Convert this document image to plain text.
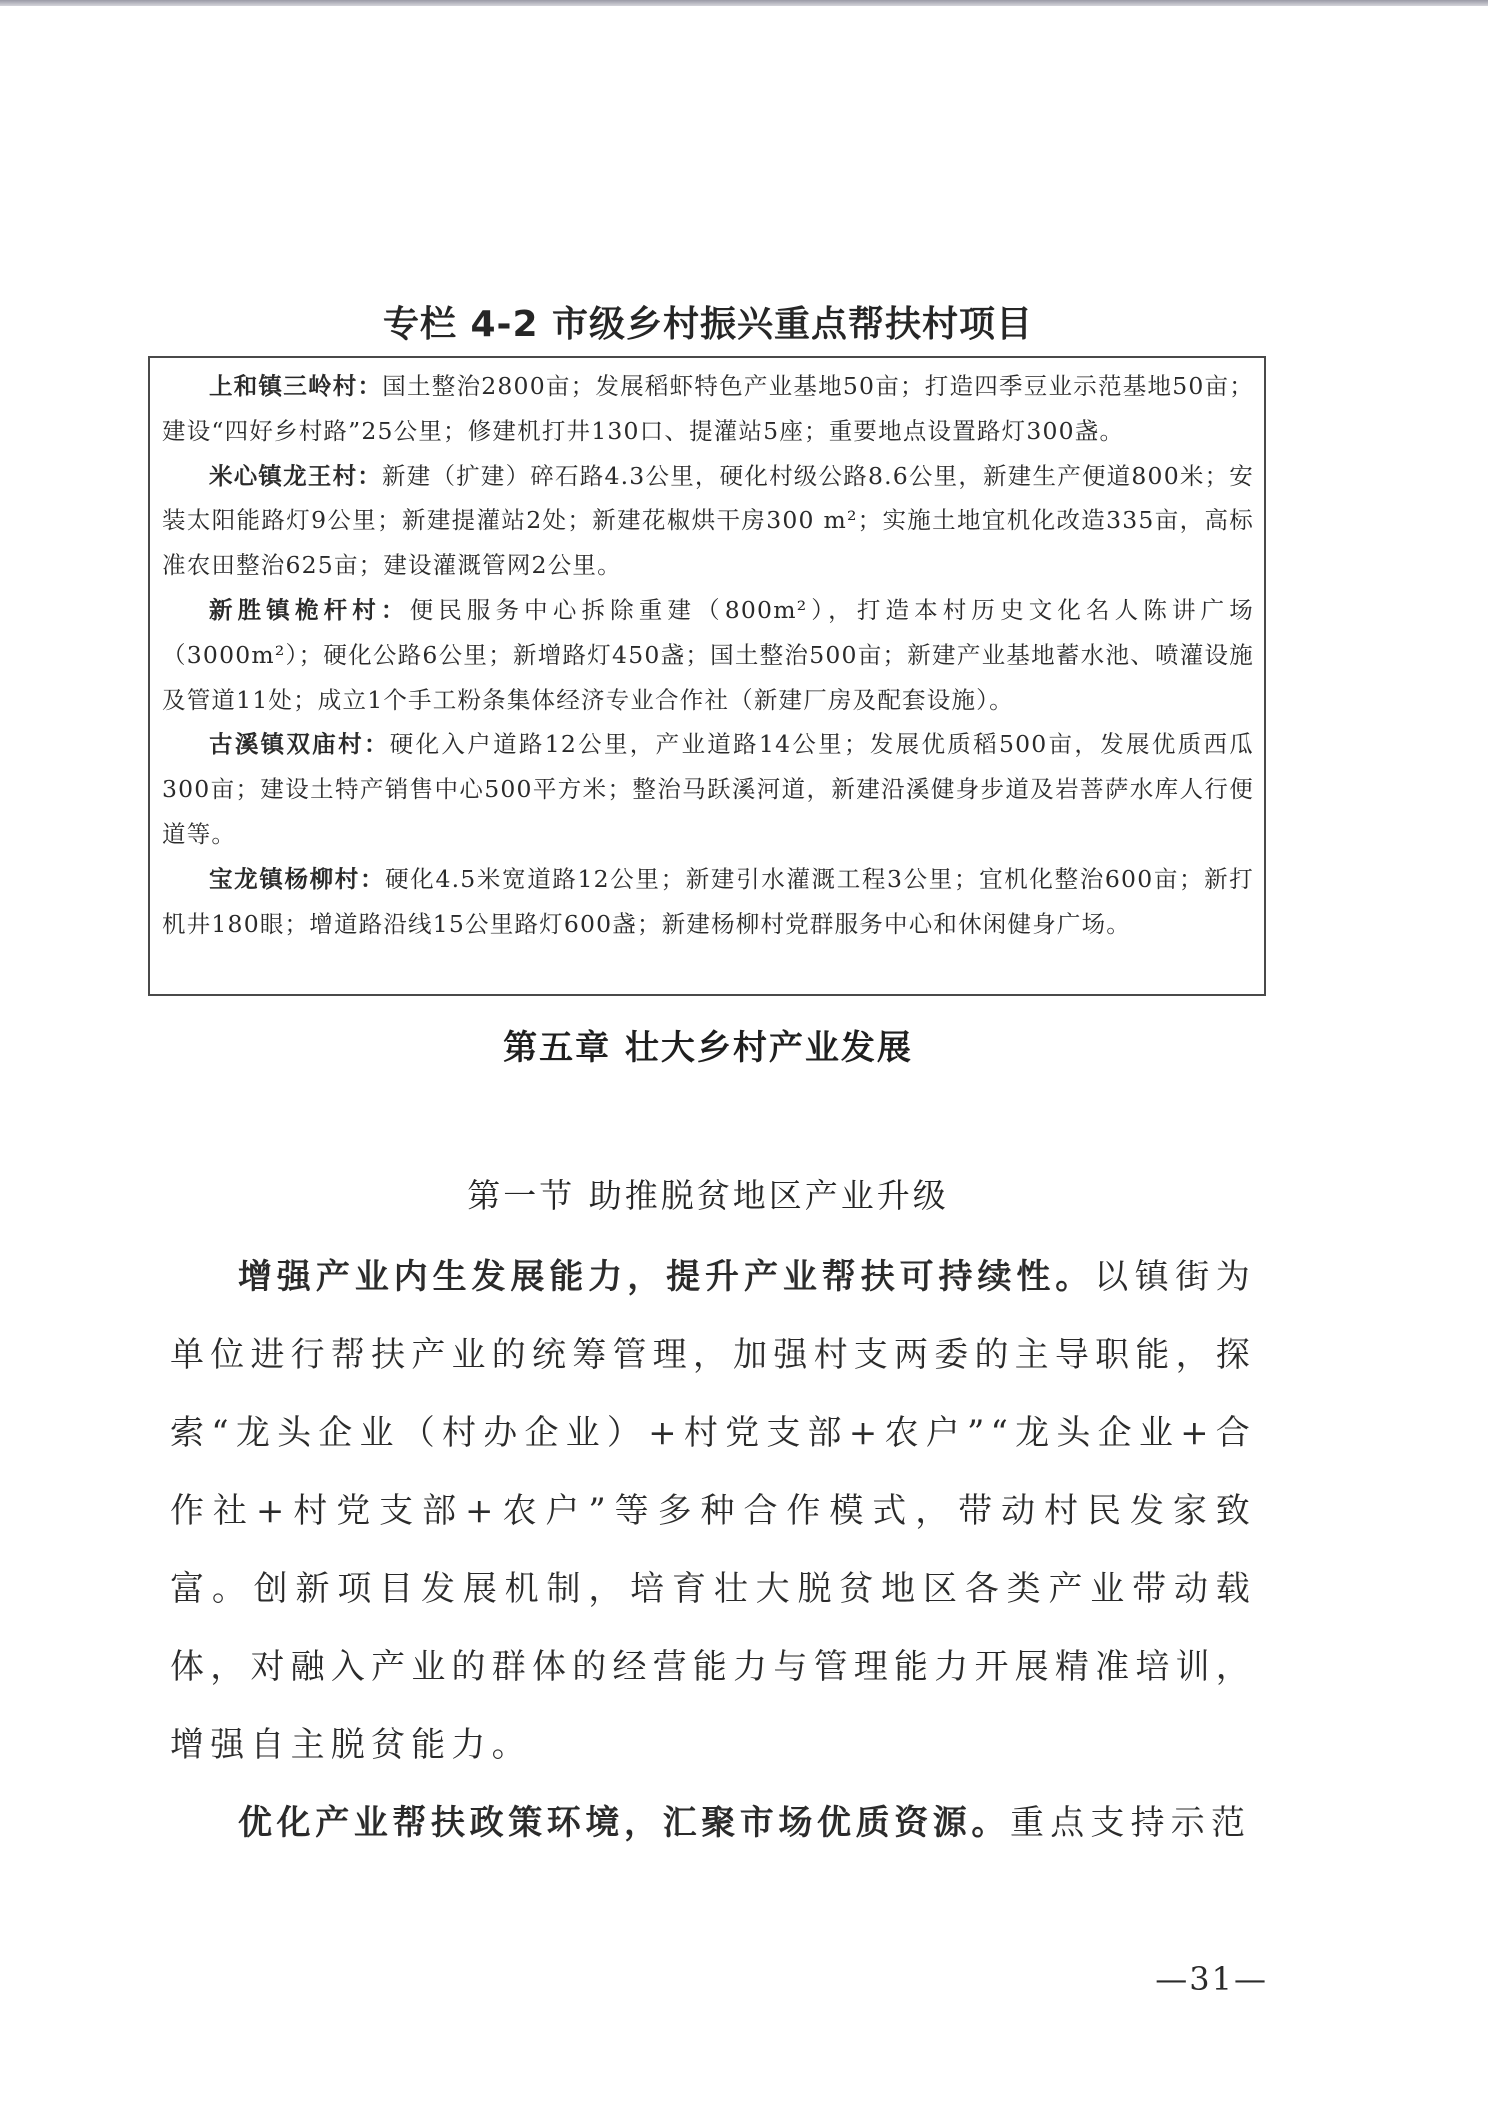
专栏 4-2 市级乡村振兴重点帮扶村项目

上和镇三岭村：国土整治2800亩；发展稻虾特色产业基地50亩；打造四季豆业示范基地50亩；建设“四好乡村路”25公里；修建机打井130口、提灌站5座；重要地点设置路灯300盏。

米心镇龙王村：新建（扩建）碎石路4.3公里，硬化村级公路8.6公里，新建生产便道800米；安装太阳能路灯9公里；新建提灌站2处；新建花椒烘干房300 m²；实施土地宜机化改造335亩，高标准农田整治625亩；建设灌溉管网2公里。

新胜镇桅杆村：便民服务中心拆除重建（800m²），打造本村历史文化名人陈讲广场（3000m²）；硬化公路6公里；新增路灯450盏；国土整治500亩；新建产业基地蓄水池、喷灌设施及管道11处；成立1个手工粉条集体经济专业合作社（新建厂房及配套设施）。

古溪镇双庙村：硬化入户道路12公里，产业道路14公里；发展优质稻500亩，发展优质西瓜300亩；建设土特产销售中心500平方米；整治马跃溪河道，新建沿溪健身步道及岩菩萨水库人行便道等。

宝龙镇杨柳村：硬化4.5米宽道路12公里；新建引水灌溉工程3公里；宜机化整治600亩；新打机井180眼；增道路沿线15公里路灯600盏；新建杨柳村党群服务中心和休闲健身广场。

第五章 壮大乡村产业发展
第一节 助推脱贫地区产业升级

增强产业内生发展能力，提升产业帮扶可持续性。以镇街为单位进行帮扶产业的统筹管理，加强村支两委的主导职能，探索“龙头企业（村办企业）+村党支部+农户”“龙头企业+合作社+村党支部+农户”等多种合作模式，带动村民发家致富。创新项目发展机制，培育壮大脱贫地区各类产业带动载体，对融入产业的群体的经营能力与管理能力开展精准培训，增强自主脱贫能力。

优化产业帮扶政策环境，汇聚市场优质资源。重点支持示范

—31—
